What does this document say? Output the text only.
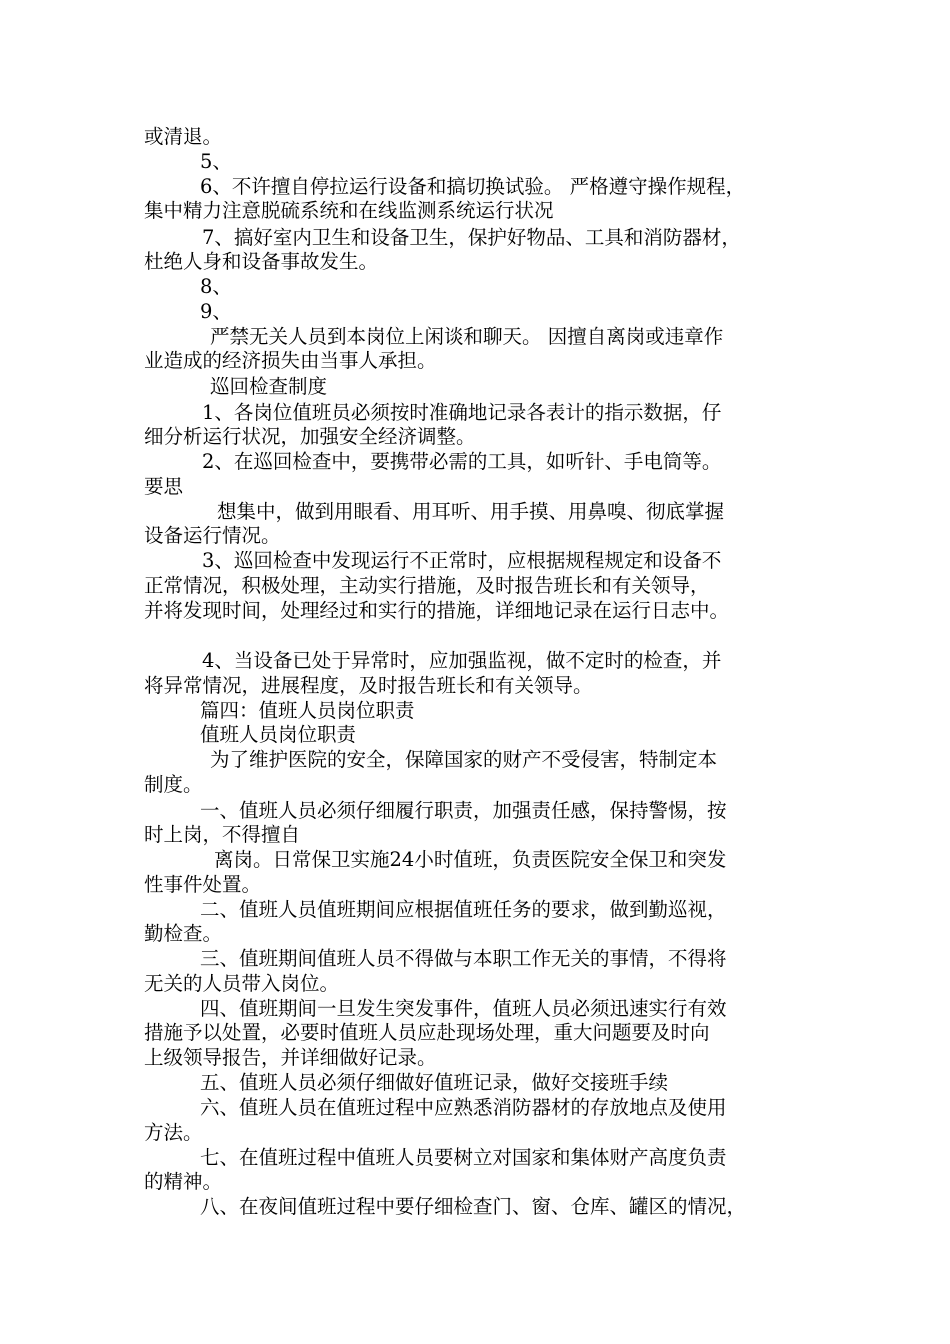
或清退。

5、

6、不许擅自停拉运行设备和搞切换试验。 严格遵守操作规程，

集中精力注意脱硫系统和在线监测系统运行状况

7、搞好室内卫生和设备卫生，保护好物品、工具和消防器材，

杜绝人身和设备事故发生。

8、

9、

严禁无关人员到本岗位上闲谈和聊天。 因擅自离岗或违章作

业造成的经济损失由当事人承担。

巡回检查制度

1、各岗位值班员必须按时准确地记录各表计的指示数据，仔

细分析运行状况，加强安全经济调整。

2、在巡回检查中，要携带必需的工具，如听针、手电筒等。

要思

想集中，做到用眼看、用耳听、用手摸、用鼻嗅、彻底掌握

设备运行情况。

3、巡回检查中发现运行不正常时，应根据规程规定和设备不

正常情况，积极处理，主动实行措施，及时报告班长和有关领导，

并将发现时间，处理经过和实行的措施，详细地记录在运行日志中。

4、当设备已处于异常时，应加强监视，做不定时的检查，并

将异常情况，进展程度，及时报告班长和有关领导。

篇四：值班人员岗位职责

值班人员岗位职责

为了维护医院的安全，保障国家的财产不受侵害，特制定本

制度。

一、值班人员必须仔细履行职责，加强责任感，保持警惕，按

时上岗，不得擅自

离岗。日常保卫实施24小时值班，负责医院安全保卫和突发

性事件处置。

二、值班人员值班期间应根据值班任务的要求，做到勤巡视，

勤检查。

三、值班期间值班人员不得做与本职工作无关的事情，不得将

无关的人员带入岗位。

四、值班期间一旦发生突发事件，值班人员必须迅速实行有效

措施予以处置，必要时值班人员应赴现场处理，重大问题要及时向

上级领导报告，并详细做好记录。

五、值班人员必须仔细做好值班记录，做好交接班手续

六、值班人员在值班过程中应熟悉消防器材的存放地点及使用

方法。

七、在值班过程中值班人员要树立对国家和集体财产高度负责

的精神。

八、在夜间值班过程中要仔细检查门、窗、仓库、罐区的情况，
